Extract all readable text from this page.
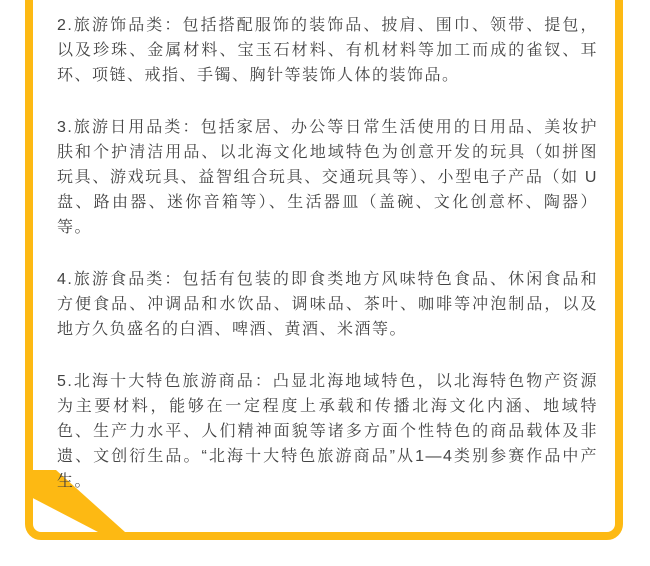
2.旅游饰品类：包括搭配服饰的装饰品、披肩、围巾、领带、提包，以及珍珠、金属材料、宝玉石材料、有机材料等加工而成的雀钗、耳环、项链、戒指、手镯、胸针等装饰人体的装饰品。

3.旅游日用品类：包括家居、办公等日常生活使用的日用品、美妆护肤和个护清洁用品、以北海文化地域特色为创意开发的玩具（如拼图玩具、游戏玩具、益智组合玩具、交通玩具等）、小型电子产品（如 U 盘、路由器、迷你音箱等）、生活器皿（盖碗、文化创意杯、陶器）等。

4.旅游食品类：包括有包装的即食类地方风味特色食品、休闲食品和方便食品、冲调品和水饮品、调味品、茶叶、咖啡等冲泡制品，以及地方久负盛名的白酒、啤酒、黄酒、米酒等。

5.北海十大特色旅游商品：凸显北海地域特色，以北海特色物产资源为主要材料，能够在一定程度上承载和传播北海文化内涵、地域特色、生产力水平、人们精神面貌等诸多方面个性特色的商品载体及非遗、文创衍生品。“北海十大特色旅游商品”从1—4类别参赛作品中产生。
